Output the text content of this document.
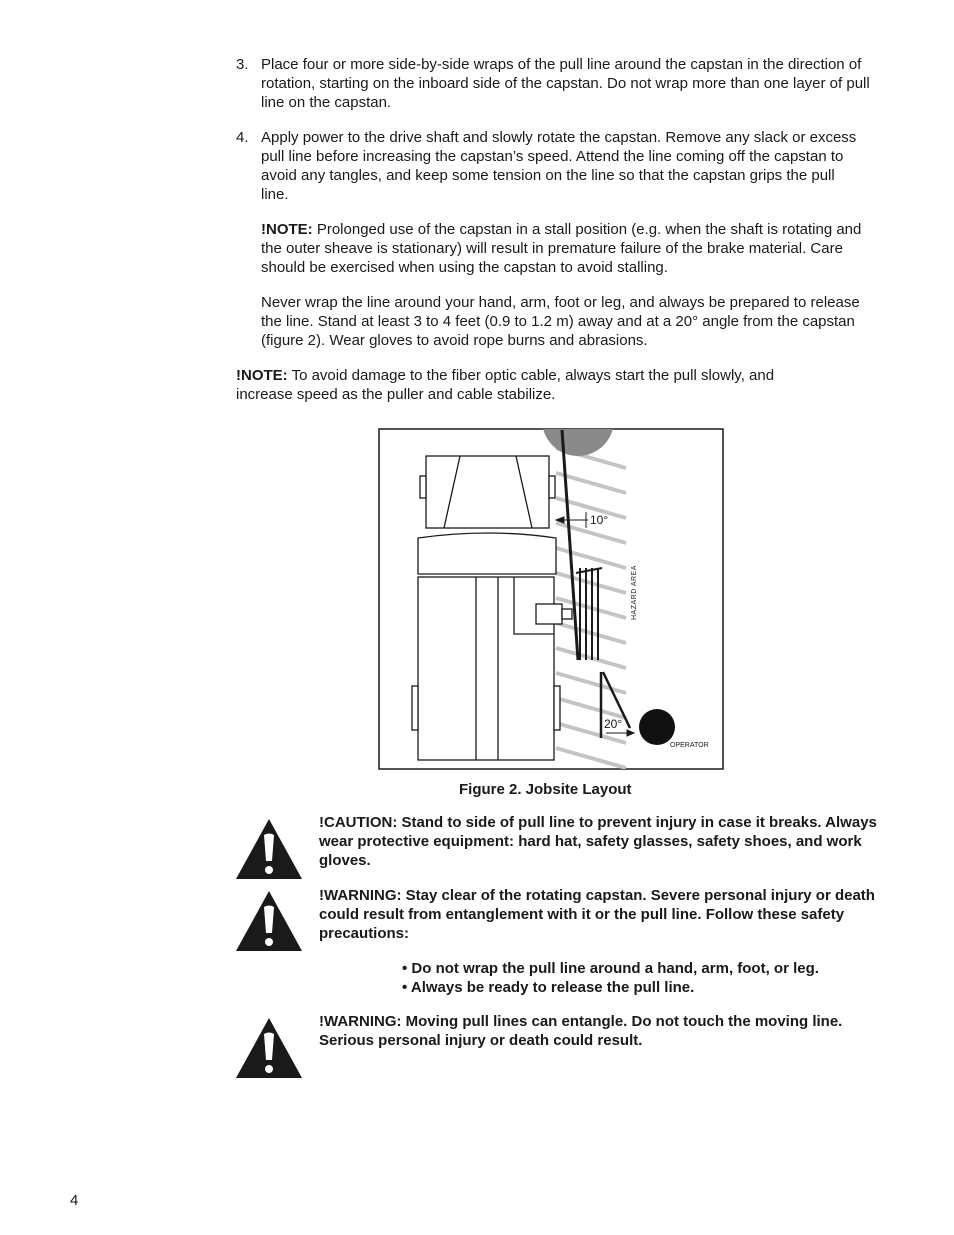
3. Place four or more side-by-side wraps of the pull line around the capstan in the direction of rotation, starting on the inboard side of the capstan. Do not wrap more than one layer of pull line on the capstan.
4. Apply power to the drive shaft and slowly rotate the capstan. Remove any slack or excess pull line before increasing the capstan’s speed. Attend the line coming off the capstan to avoid any tangles, and keep some tension on the line so that the capstan grips the pull line.
!NOTE: Prolonged use of the capstan in a stall position (e.g. when the shaft is rotating and the outer sheave is stationary) will result in premature failure of the brake material. Care should be exercised when using the capstan to avoid stalling.
Never wrap the line around your hand, arm, foot or leg, and always be prepared to release the line. Stand at least 3 to 4 feet (0.9 to 1.2 m) away and at a 20° angle from the capstan (figure 2). Wear gloves to avoid rope burns and abrasions.
!NOTE: To avoid damage to the fiber optic cable, always start the pull slowly, and increase speed as the puller and cable stabilize.
10°
20°
HAZARD AREA
OPERATOR
Figure 2. Jobsite Layout
!CAUTION: Stand to side of pull line to prevent injury in case it breaks. Always wear protective equipment: hard hat, safety glasses, safety shoes, and work gloves.
!WARNING: Stay clear of the rotating capstan. Severe personal injury or death could result from entanglement with it or the pull line. Follow these safety precautions:
• Do not wrap the pull line around a hand, arm, foot, or leg.
• Always be ready to release the pull line.
!WARNING: Moving pull lines can entangle. Do not touch the moving line. Serious personal injury or death could result.
4
